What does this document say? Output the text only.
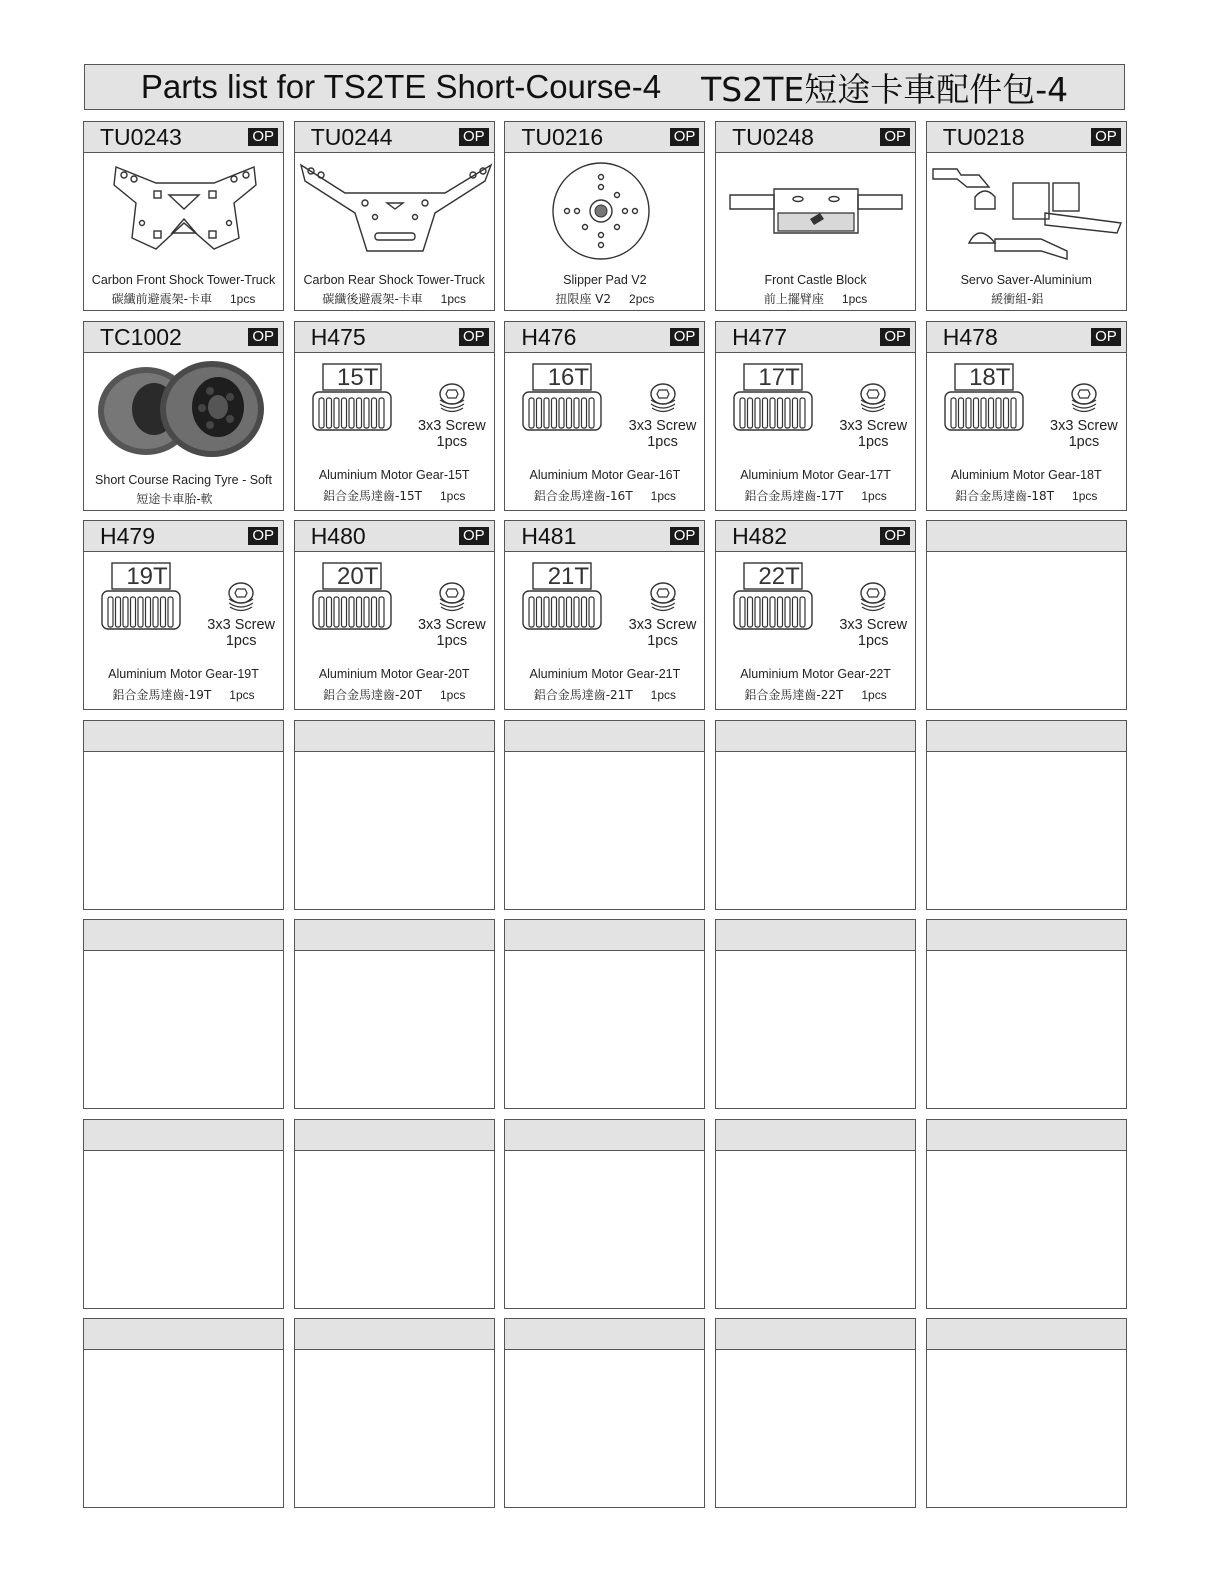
Parts list for TS2TE Short-Course-4 TS2TE短途卡車配件包-4
TU0243	OP
Carbon Front Shock Tower-Truck
碳纖前避震架-卡車 1pcs
TU0244	OP
Carbon Rear Shock Tower-Truck
碳纖後避震架-卡車 1pcs
TU0216	OP
Slipper Pad V2
扭限座 V2 2pcs
TU0248	OP
Front Castle Block
前上擺臂座 1pcs
TU0218	OP
Servo Saver-Aluminium
緩衝組-鋁
TC1002	OP
Short Course Racing Tyre - Soft
短途卡車胎-軟
H475	OP
15T
3x3 Screw
1pcs
Aluminium Motor Gear-15T
鋁合金馬達齒-15T 1pcs
H476	OP
16T
3x3 Screw
1pcs
Aluminium Motor Gear-16T
鋁合金馬達齒-16T 1pcs
H477	OP
17T
3x3 Screw
1pcs
Aluminium Motor Gear-17T
鋁合金馬達齒-17T 1pcs
H478	OP
18T
3x3 Screw
1pcs
Aluminium Motor Gear-18T
鋁合金馬達齒-18T 1pcs
H479	OP
19T
3x3 Screw
1pcs
Aluminium Motor Gear-19T
鋁合金馬達齒-19T 1pcs
H480	OP
20T
3x3 Screw
1pcs
Aluminium Motor Gear-20T
鋁合金馬達齒-20T 1pcs
H481	OP
21T
3x3 Screw
1pcs
Aluminium Motor Gear-21T
鋁合金馬達齒-21T 1pcs
H482	OP
22T
3x3 Screw
1pcs
Aluminium Motor Gear-22T
鋁合金馬達齒-22T 1pcs
